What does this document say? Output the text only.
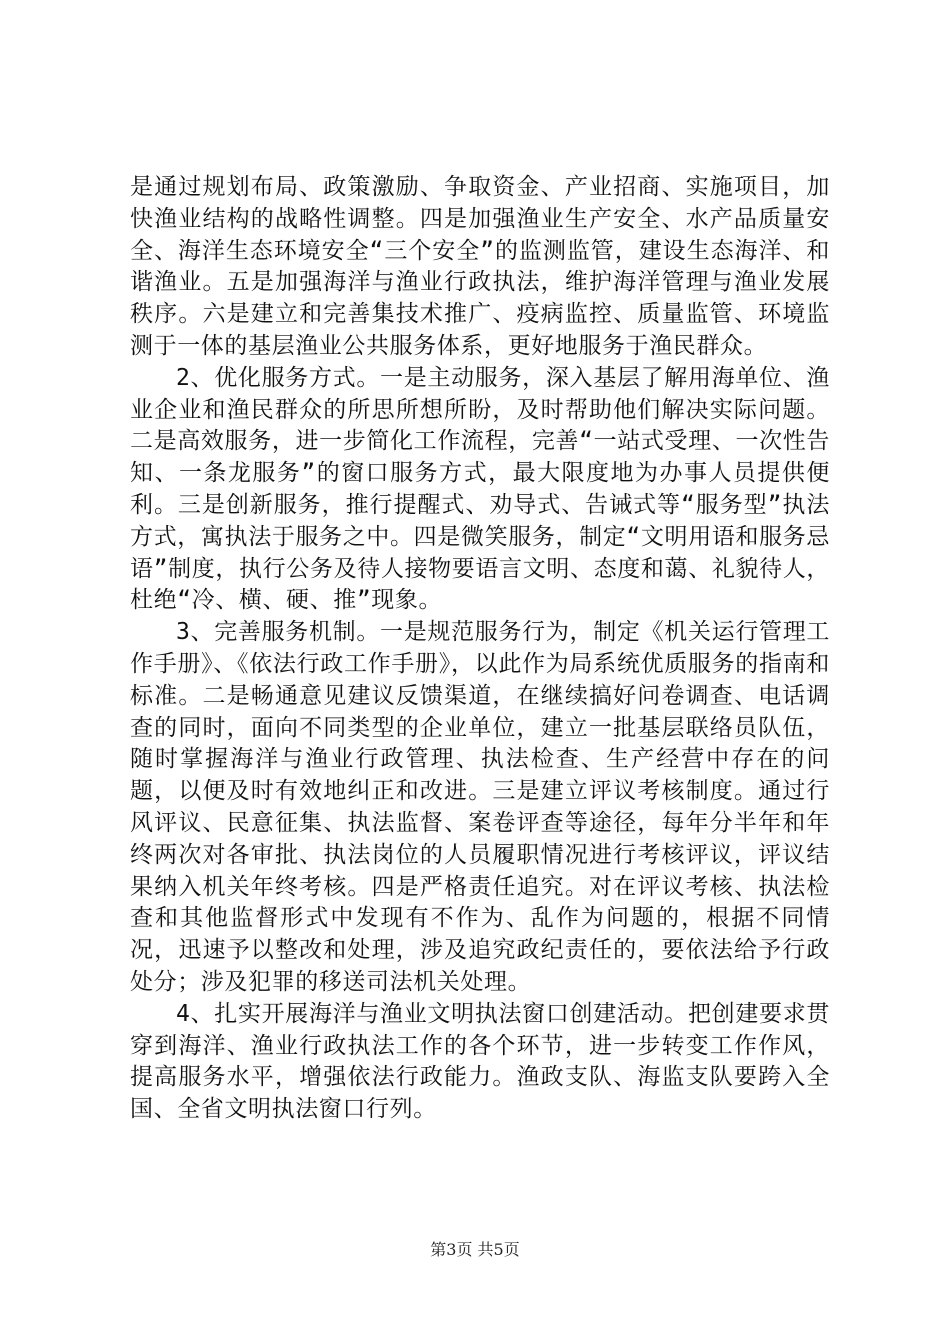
是通过规划布局、政策激励、争取资金、产业招商、实施项目，加快渔业结构的战略性调整。四是加强渔业生产安全、水产品质量安全、海洋生态环境安全“三个安全”的监测监管，建设生态海洋、和谐渔业。五是加强海洋与渔业行政执法，维护海洋管理与渔业发展秩序。六是建立和完善集技术推广、疫病监控、质量监管、环境监测于一体的基层渔业公共服务体系，更好地服务于渔民群众。

2、优化服务方式。一是主动服务，深入基层了解用海单位、渔业企业和渔民群众的所思所想所盼，及时帮助他们解决实际问题。二是高效服务，进一步简化工作流程，完善“一站式受理、一次性告知、一条龙服务”的窗口服务方式，最大限度地为办事人员提供便利。三是创新服务，推行提醒式、劝导式、告诫式等“服务型”执法方式，寓执法于服务之中。四是微笑服务，制定“文明用语和服务忌语”制度，执行公务及待人接物要语言文明、态度和蔼、礼貌待人，杜绝“冷、横、硬、推”现象。

3、完善服务机制。一是规范服务行为，制定《机关运行管理工作手册》、《依法行政工作手册》，以此作为局系统优质服务的指南和标准。二是畅通意见建议反馈渠道，在继续搞好问卷调查、电话调查的同时，面向不同类型的企业单位，建立一批基层联络员队伍，随时掌握海洋与渔业行政管理、执法检查、生产经营中存在的问题，以便及时有效地纠正和改进。三是建立评议考核制度。通过行风评议、民意征集、执法监督、案卷评查等途径，每年分半年和年终两次对各审批、执法岗位的人员履职情况进行考核评议，评议结果纳入机关年终考核。四是严格责任追究。对在评议考核、执法检查和其他监督形式中发现有不作为、乱作为问题的，根据不同情况，迅速予以整改和处理，涉及追究政纪责任的，要依法给予行政处分；涉及犯罪的移送司法机关处理。

4、扎实开展海洋与渔业文明执法窗口创建活动。把创建要求贯穿到海洋、渔业行政执法工作的各个环节，进一步转变工作作风，提高服务水平，增强依法行政能力。渔政支队、海监支队要跨入全国、全省文明执法窗口行列。

第3页 共5页
